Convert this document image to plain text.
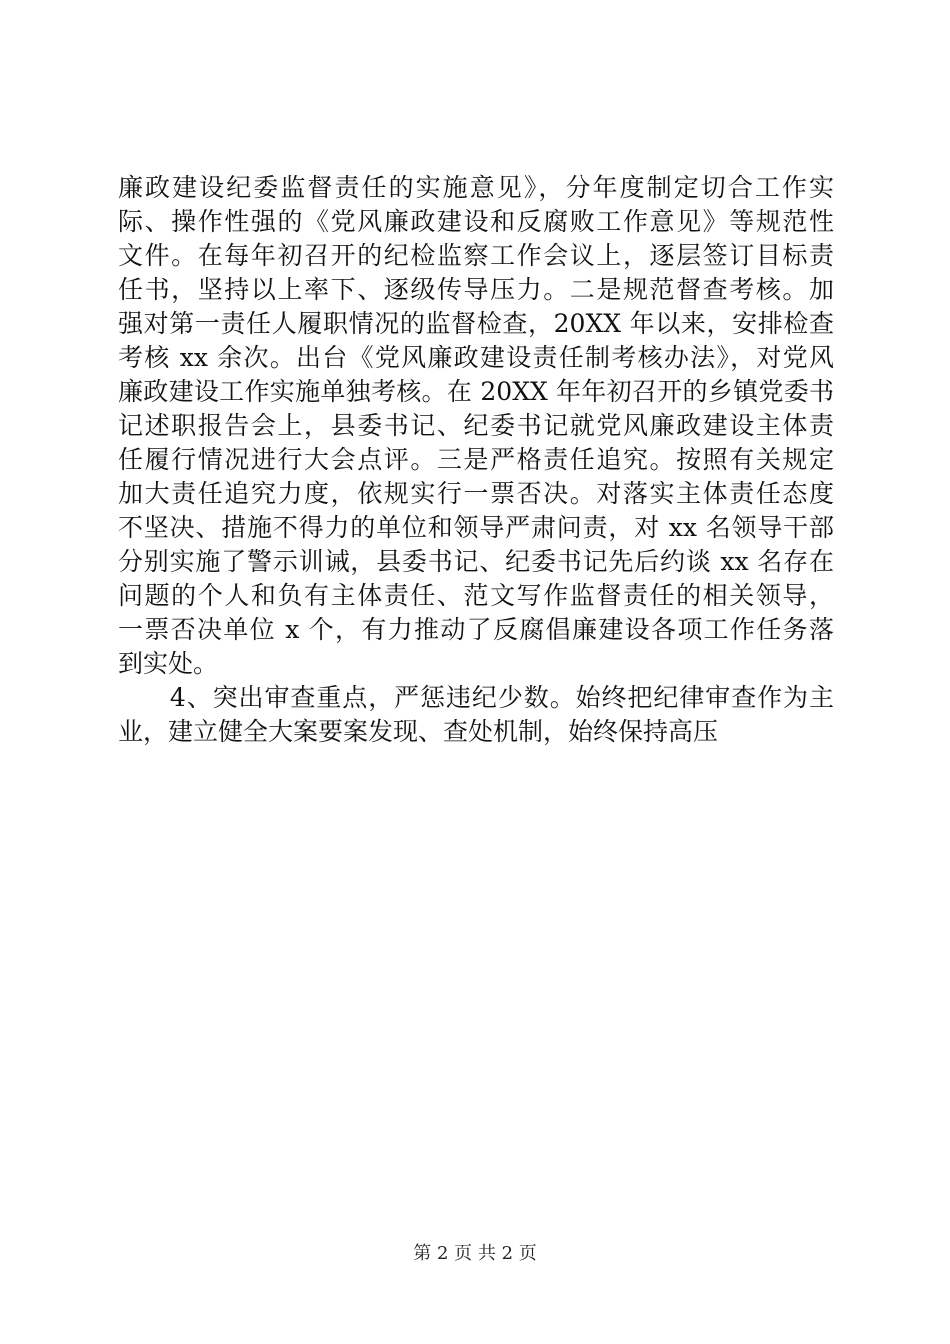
廉政建设纪委监督责任的实施意见》，分年度制定切合工作实
际、操作性强的《党风廉政建设和反腐败工作意见》等规范性
文件。在每年初召开的纪检监察工作会议上，逐层签订目标责
任书，坚持以上率下、逐级传导压力。二是规范督查考核。加
强对第一责任人履职情况的监督检查，20XX 年以来，安排检查
考核 xx 余次。出台《党风廉政建设责任制考核办法》，对党风
廉政建设工作实施单独考核。在 20XX 年年初召开的乡镇党委书
记述职报告会上，县委书记、纪委书记就党风廉政建设主体责
任履行情况进行大会点评。三是严格责任追究。按照有关规定
加大责任追究力度，依规实行一票否决。对落实主体责任态度
不坚决、措施不得力的单位和领导严肃问责，对 xx 名领导干部
分别实施了警示训诫，县委书记、纪委书记先后约谈 xx 名存在
问题的个人和负有主体责任、范文写作监督责任的相关领导，
一票否决单位 x 个，有力推动了反腐倡廉建设各项工作任务落
到实处。
　　4、突出审查重点，严惩违纪少数。始终把纪律审查作为主
业，建立健全大案要案发现、查处机制，始终保持高压
第 2 页 共 2 页
